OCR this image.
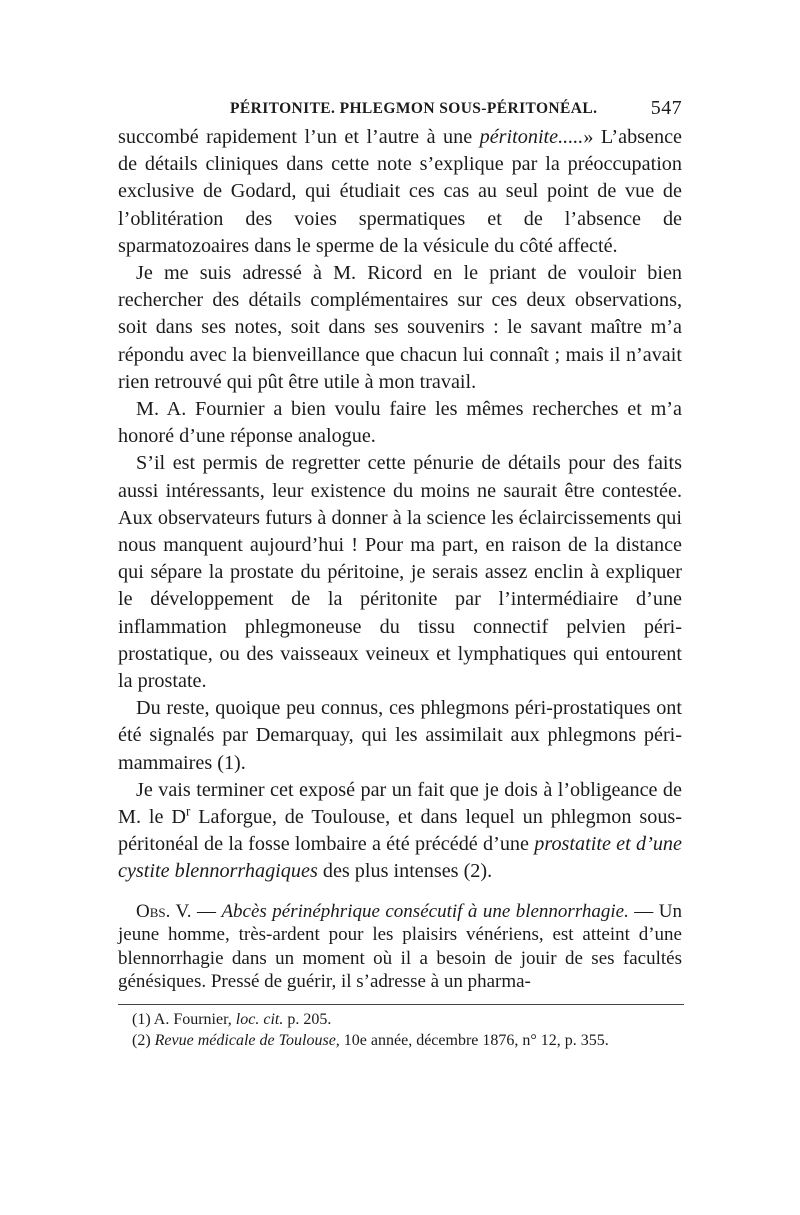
PÉRITONITE. PHLEGMON SOUS-PÉRITONÉAL.	547

succombé rapidement l’un et l’autre à une péritonite.....» L’absence de détails cliniques dans cette note s’explique par la préoccupation exclusive de Godard, qui étudiait ces cas au seul point de vue de l’oblitération des voies spermatiques et de l’absence de sparmatozoaires dans le sperme de la vésicule du côté affecté.

Je me suis adressé à M. Ricord en le priant de vouloir bien rechercher des détails complémentaires sur ces deux observations, soit dans ses notes, soit dans ses souvenirs : le savant maître m’a répondu avec la bienveillance que chacun lui connaît ; mais il n’avait rien retrouvé qui pût être utile à mon travail.

M. A. Fournier a bien voulu faire les mêmes recherches et m’a honoré d’une réponse analogue.

S’il est permis de regretter cette pénurie de détails pour des faits aussi intéressants, leur existence du moins ne saurait être contestée. Aux observateurs futurs à donner à la science les éclaircissements qui nous manquent aujourd’hui ! Pour ma part, en raison de la distance qui sépare la prostate du péritoine, je serais assez enclin à expliquer le développement de la péritonite par l’intermédiaire d’une inflammation phlegmoneuse du tissu connectif pelvien péri-prostatique, ou des vaisseaux veineux et lymphatiques qui entourent la prostate.

Du reste, quoique peu connus, ces phlegmons péri-prostatiques ont été signalés par Demarquay, qui les assimilait aux phlegmons péri-mammaires (1).

Je vais terminer cet exposé par un fait que je dois à l’obligeance de M. le $D^r$ Laforgue, de Toulouse, et dans lequel un phlegmon sous-péritonéal de la fosse lombaire a été précédé d’une prostatite et d’une cystite blennorrhagiques des plus intenses (2).

Obs. V. — Abcès périnéphrique consécutif à une blennorrhagie. — Un jeune homme, très-ardent pour les plaisirs vénériens, est atteint d’une blennorrhagie dans un moment où il a besoin de jouir de ses facultés génésiques. Pressé de guérir, il s’adresse à un pharma-

(1) A. Fournier, loc. cit. p. 205.

(2) Revue médicale de Toulouse, 10e année, décembre 1876, n° 12, p. 355.
